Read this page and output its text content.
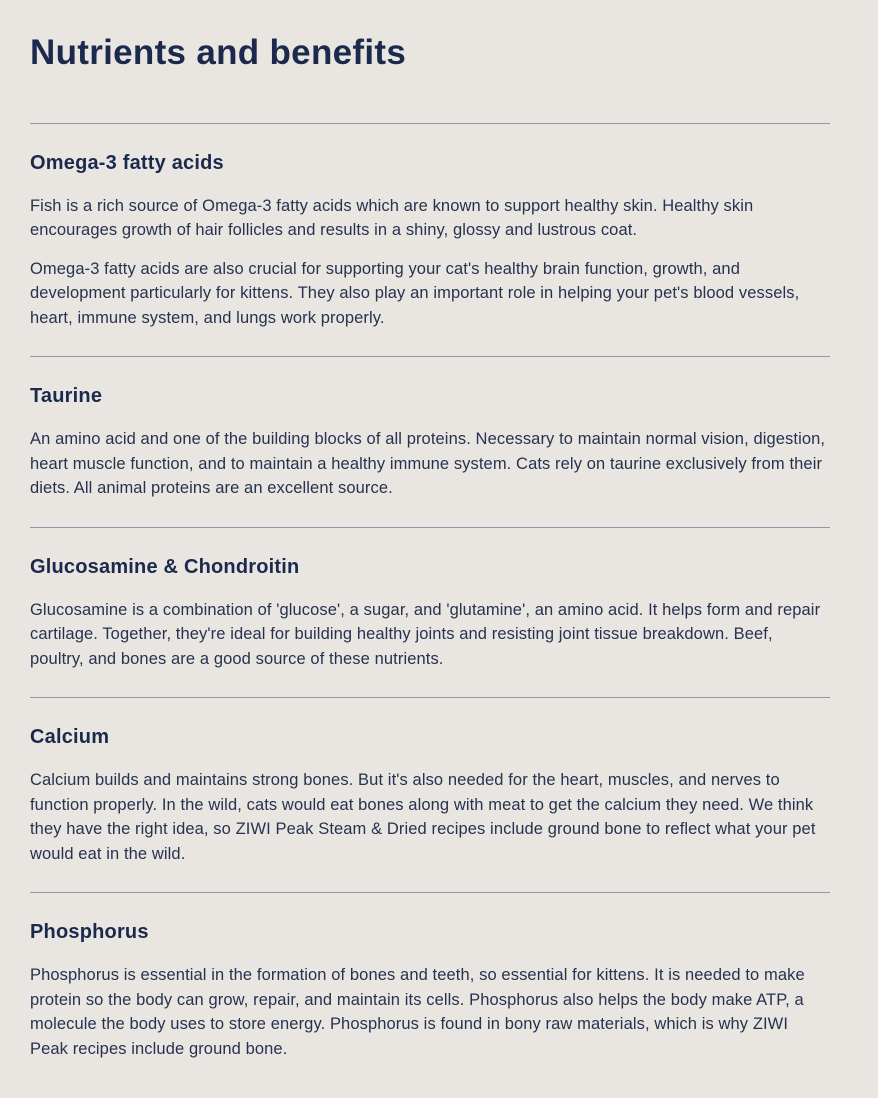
Nutrients and benefits
Omega-3 fatty acids

Fish is a rich source of Omega-3 fatty acids which are known to support healthy skin. Healthy skin encourages growth of hair follicles and results in a shiny, glossy and lustrous coat.

Omega-3 fatty acids are also crucial for supporting your cat's healthy brain function, growth, and development particularly for kittens. They also play an important role in helping your pet's blood vessels, heart, immune system, and lungs work properly.

Taurine

An amino acid and one of the building blocks of all proteins. Necessary to maintain normal vision, digestion, heart muscle function, and to maintain a healthy immune system. Cats rely on taurine exclusively from their diets. All animal proteins are an excellent source.

Glucosamine & Chondroitin

Glucosamine is a combination of 'glucose', a sugar, and 'glutamine', an amino acid. It helps form and repair cartilage. Together, they're ideal for building healthy joints and resisting joint tissue breakdown. Beef, poultry, and bones are a good source of these nutrients.

Calcium

Calcium builds and maintains strong bones. But it's also needed for the heart, muscles, and nerves to function properly. In the wild, cats would eat bones along with meat to get the calcium they need. We think they have the right idea, so ZIWI Peak Steam & Dried recipes include ground bone to reflect what your pet would eat in the wild.

Phosphorus

Phosphorus is essential in the formation of bones and teeth, so essential for kittens. It is needed to make protein so the body can grow, repair, and maintain its cells. Phosphorus also helps the body make ATP, a molecule the body uses to store energy. Phosphorus is found in bony raw materials, which is why ZIWI Peak recipes include ground bone.
